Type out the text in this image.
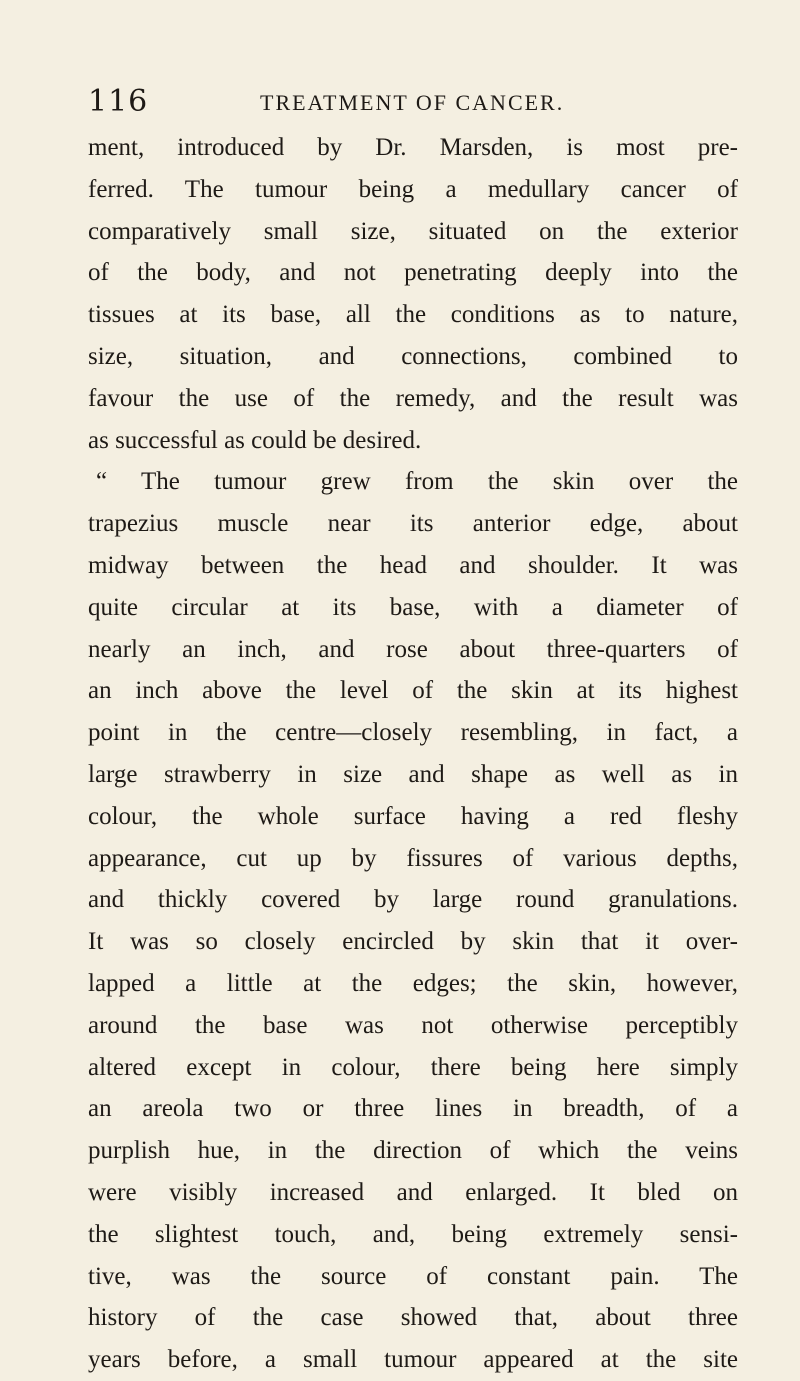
116	TREATMENT OF CANCER.
ment, introduced by Dr. Marsden, is most pre-
ferred. The tumour being a medullary cancer of
comparatively small size, situated on the exterior
of the body, and not penetrating deeply into the
tissues at its base, all the conditions as to nature,
size, situation, and connections, combined to
favour the use of the remedy, and the result was
as successful as could be desired.
“ The tumour grew from the skin over the
trapezius muscle near its anterior edge, about
midway between the head and shoulder. It was
quite circular at its base, with a diameter of
nearly an inch, and rose about three-quarters of
an inch above the level of the skin at its highest
point in the centre—closely resembling, in fact, a
large strawberry in size and shape as well as in
colour, the whole surface having a red fleshy
appearance, cut up by fissures of various depths,
and thickly covered by large round granulations.
It was so closely encircled by skin that it over-
lapped a little at the edges; the skin, however,
around the base was not otherwise perceptibly
altered except in colour, there being here simply
an areola two or three lines in breadth, of a
purplish hue, in the direction of which the veins
were visibly increased and enlarged. It bled on
the slightest touch, and, being extremely sensi-
tive, was the source of constant pain. The
history of the case showed that, about three
years before, a small tumour appeared at the site
